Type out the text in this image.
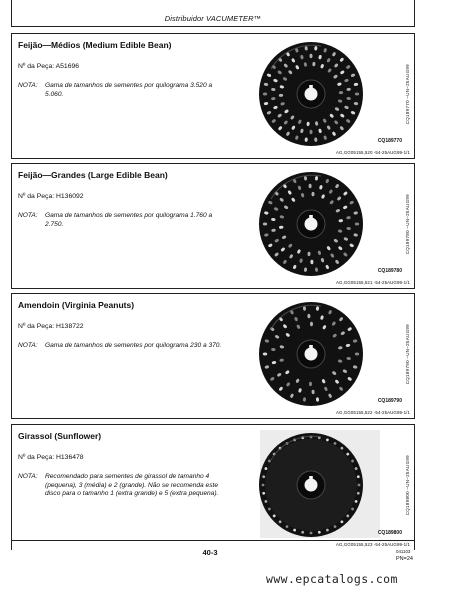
Distribuidor VACUMETER™
Feijão—Médios (Medium Edible Bean)
Nº da Peça: A51696
NOTA: Gama de tamanhos de sementes por quilograma 3.520 a 5.060.	CQ189770 –UN–25AUG99
CQ189770
AG,GG05155,520 -54-25AUG99-1/1
Feijão—Grandes (Large Edible Bean)
Nº da Peça: H136092
NOTA: Gama de tamanhos de sementes por quilograma 1.760 a 2.750.	CQ189780 –UN–25AUG99
CQ189780
AG,GG05155,521 -54-25AUG99-1/1
Amendoin (Virginia Peanuts)
Nº da Peça: H138722
NOTA: Gama de tamanhos de sementes por quilograma 230 a 370.	CQ189790 –UN–25AUG99
CQ189790
AG,GG05155,522 -54-25AUG99-1/1
Girassol (Sunflower)
Nº da Peça: H136478
NOTA: Recomendado para sementes de girassol de tamanho 4 (pequena), 3 (média) e 2 (grande). Não se recomenda este disco para o tamanho 1 (extra grande) e 5 (extra pequena).	CQ189800 –UN–25AUG99
CQ189800
AG,GG05155,523 -54-25AUG99-1/1
40-3	041103
PN=24
www.epcatalogs.com
